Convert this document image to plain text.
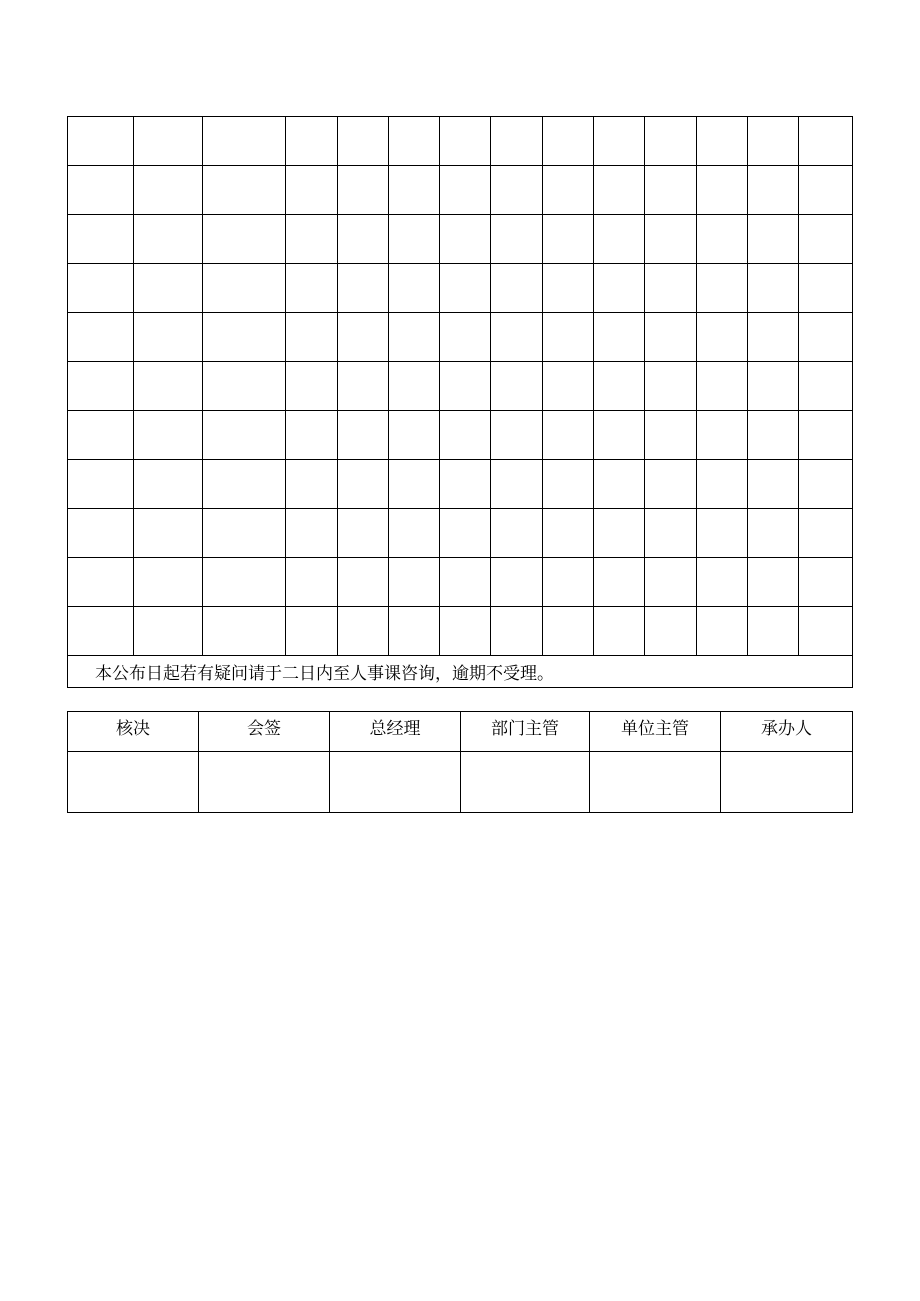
本公布日起若有疑问请于二日内至人事课咨询，逾期不受理。													
核决	会签	总经理	部门主管	单位主管	承办人
